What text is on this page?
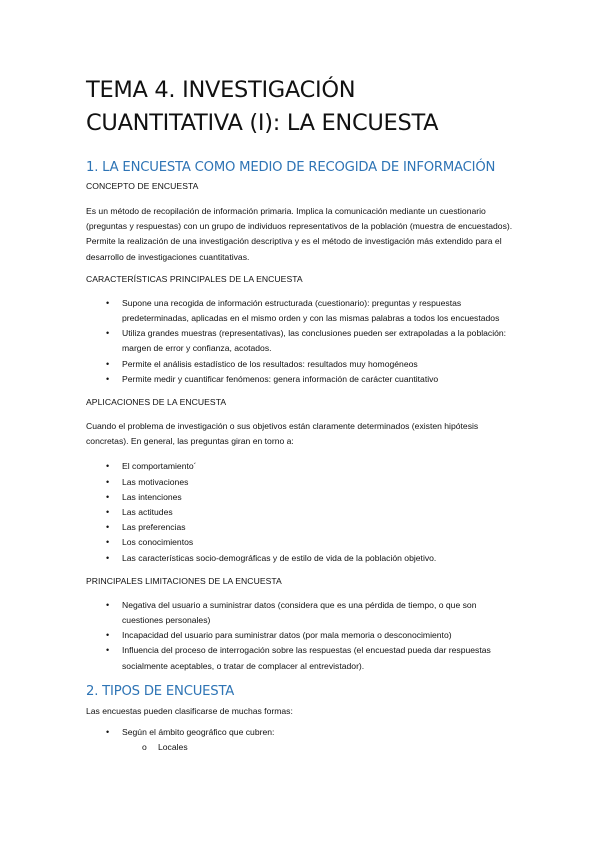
TEMA 4. INVESTIGACIÓN
CUANTITATIVA (I): LA ENCUESTA
1. LA ENCUESTA COMO MEDIO DE RECOGIDA DE INFORMACIÓN
CONCEPTO DE ENCUESTA

Es un método de recopilación de información primaria. Implica la comunicación mediante un cuestionario (preguntas y respuestas) con un grupo de individuos representativos de la población (muestra de encuestados). Permite la realización de una investigación descriptiva y es el método de investigación más extendido para el desarrollo de investigaciones cuantitativas.

CARACTERÍSTICAS PRINCIPALES DE LA ENCUESTA
• Supone una recogida de información estructurada (cuestionario): preguntas y respuestas predeterminadas, aplicadas en el mismo orden y con las mismas palabras a todos los encuestados
• Utiliza grandes muestras (representativas), las conclusiones pueden ser extrapoladas a la población: margen de error y confianza, acotados.
• Permite el análisis estadístico de los resultados: resultados muy homogéneos
• Permite medir y cuantificar fenómenos: genera información de carácter cuantitativo
APLICACIONES DE LA ENCUESTA

Cuando el problema de investigación o sus objetivos están claramente determinados (existen hipótesis concretas). En general, las preguntas giran en torno a:

• El comportamiento´
• Las motivaciones
• Las intenciones
• Las actitudes
• Las preferencias
• Los conocimientos
• Las características socio-demográficas y de estilo de vida de la población objetivo.
PRINCIPALES LIMITACIONES DE LA ENCUESTA
• Negativa del usuario a suministrar datos (considera que es una pérdida de tiempo, o que son cuestiones personales)
• Incapacidad del usuario para suministrar datos (por mala memoria o desconocimiento)
• Influencia del proceso de interrogación sobre las respuestas (el encuestad pueda dar respuestas socialmente aceptables, o tratar de complacer al entrevistador).
2. TIPOS DE ENCUESTA

Las encuestas pueden clasificarse de muchas formas:

• Según el ámbito geográfico que cubren:
o Locales
